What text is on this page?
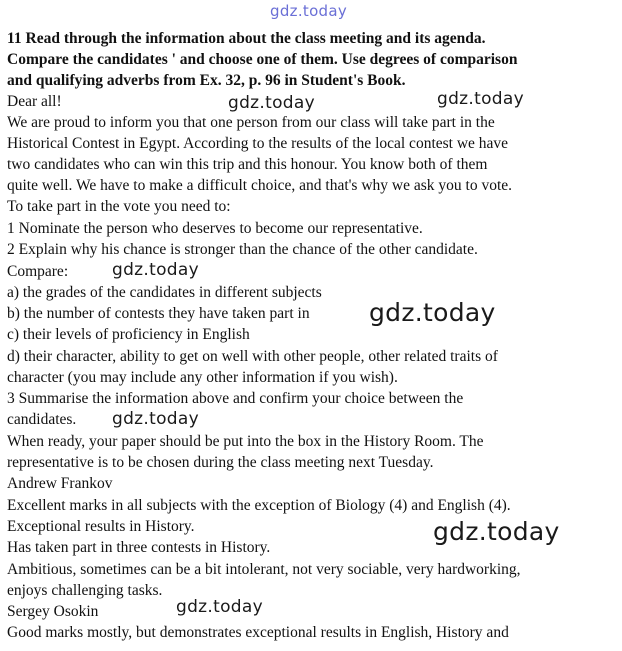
gdz.today
11 Read through the information about the class meeting and its agenda.
Compare the candidates ' and choose one of them. Use degrees of comparison
and qualifying adverbs from Ex. 32, p. 96 in Student's Book.
Dear all!
We are proud to inform you that one person from our class will take part in the
Historical Contest in Egypt. According to the results of the local contest we have
two candidates who can win this trip and this honour. You know both of them
quite well. We have to make a difficult choice, and that's why we ask you to vote.
To take part in the vote you need to:
1 Nominate the person who deserves to become our representative.
2 Explain why his chance is stronger than the chance of the other candidate.
Compare:
a) the grades of the candidates in different subjects
b) the number of contests they have taken part in
c) their levels of proficiency in English
d) their character, ability to get on well with other people, other related traits of
character (you may include any other information if you wish).
3 Summarise the information above and confirm your choice between the
candidates.
When ready, your paper should be put into the box in the History Room. The
representative is to be chosen during the class meeting next Tuesday.
Andrew Frankov
Excellent marks in all subjects with the exception of Biology (4) and English (4).
Exceptional results in History.
Has taken part in three contests in History.
Ambitious, sometimes can be a bit intolerant, not very sociable, very hardworking,
enjoys challenging tasks.
Sergey Osokin
Good marks mostly, but demonstrates exceptional results in English, History and
gdz.today	gdz.today
gdz.today
gdz.today
gdz.today
gdz.today
gdz.today
